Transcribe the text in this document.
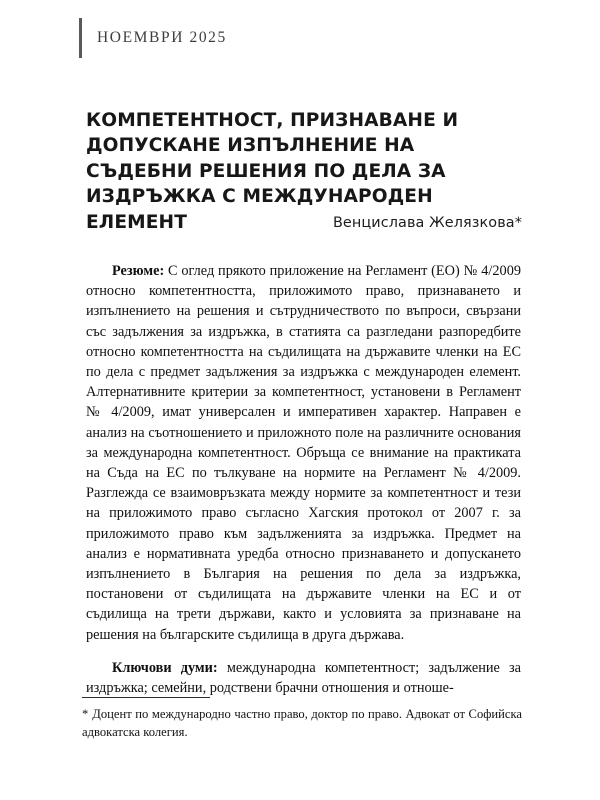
НОЕМВРИ 2025
КОМПЕТЕНТНОСТ, ПРИЗНАВАНЕ И ДОПУСКАНЕ ИЗПЪЛНЕНИЕ НА СЪДЕБНИ РЕШЕНИЯ ПО ДЕЛА ЗА ИЗДРЪЖКА С МЕЖДУНАРОДЕН ЕЛЕМЕНТ	Венцислава Желязкова*

Резюме: С оглед прякото приложение на Регламент (ЕО) № 4/2009 относно компетентността, приложимото право, признаването и изпълнението на решения и сътрудничеството по въпроси, свързани със задължения за издръжка, в статията са разгледани разпоредбите относно компетентността на съдилищата на държавите членки на ЕС по дела с предмет задължения за издръжка с международен елемент. Алтернативните критерии за компетентност, установени в Регламент № 4/2009, имат универсален и императивен характер. Направен е анализ на съотношението и приложното поле на различните основания за международна компетентност. Обръща се внимание на практиката на Съда на ЕС по тълкуване на нормите на Регламент № 4/2009. Разглежда се взаимовръзката между нормите за компетентност и тези на приложимото право съгласно Хагския протокол от 2007 г. за приложимото право към задълженията за издръжка. Предмет на анализ е нормативната уредба относно признаването и допускането изпълнението в България на решения по дела за издръжка, постановени от съдилищата на държавите членки на ЕС и от съдилища на трети държави, както и условията за признаване на решения на българските съдилища в друга държава.

Ключови думи: международна компетентност; задължение за издръжка; семейни, родствени брачни отношения и отноше-

* Доцент по международно частно право, доктор по право. Адвокат от Софийска адвокатска колегия.
